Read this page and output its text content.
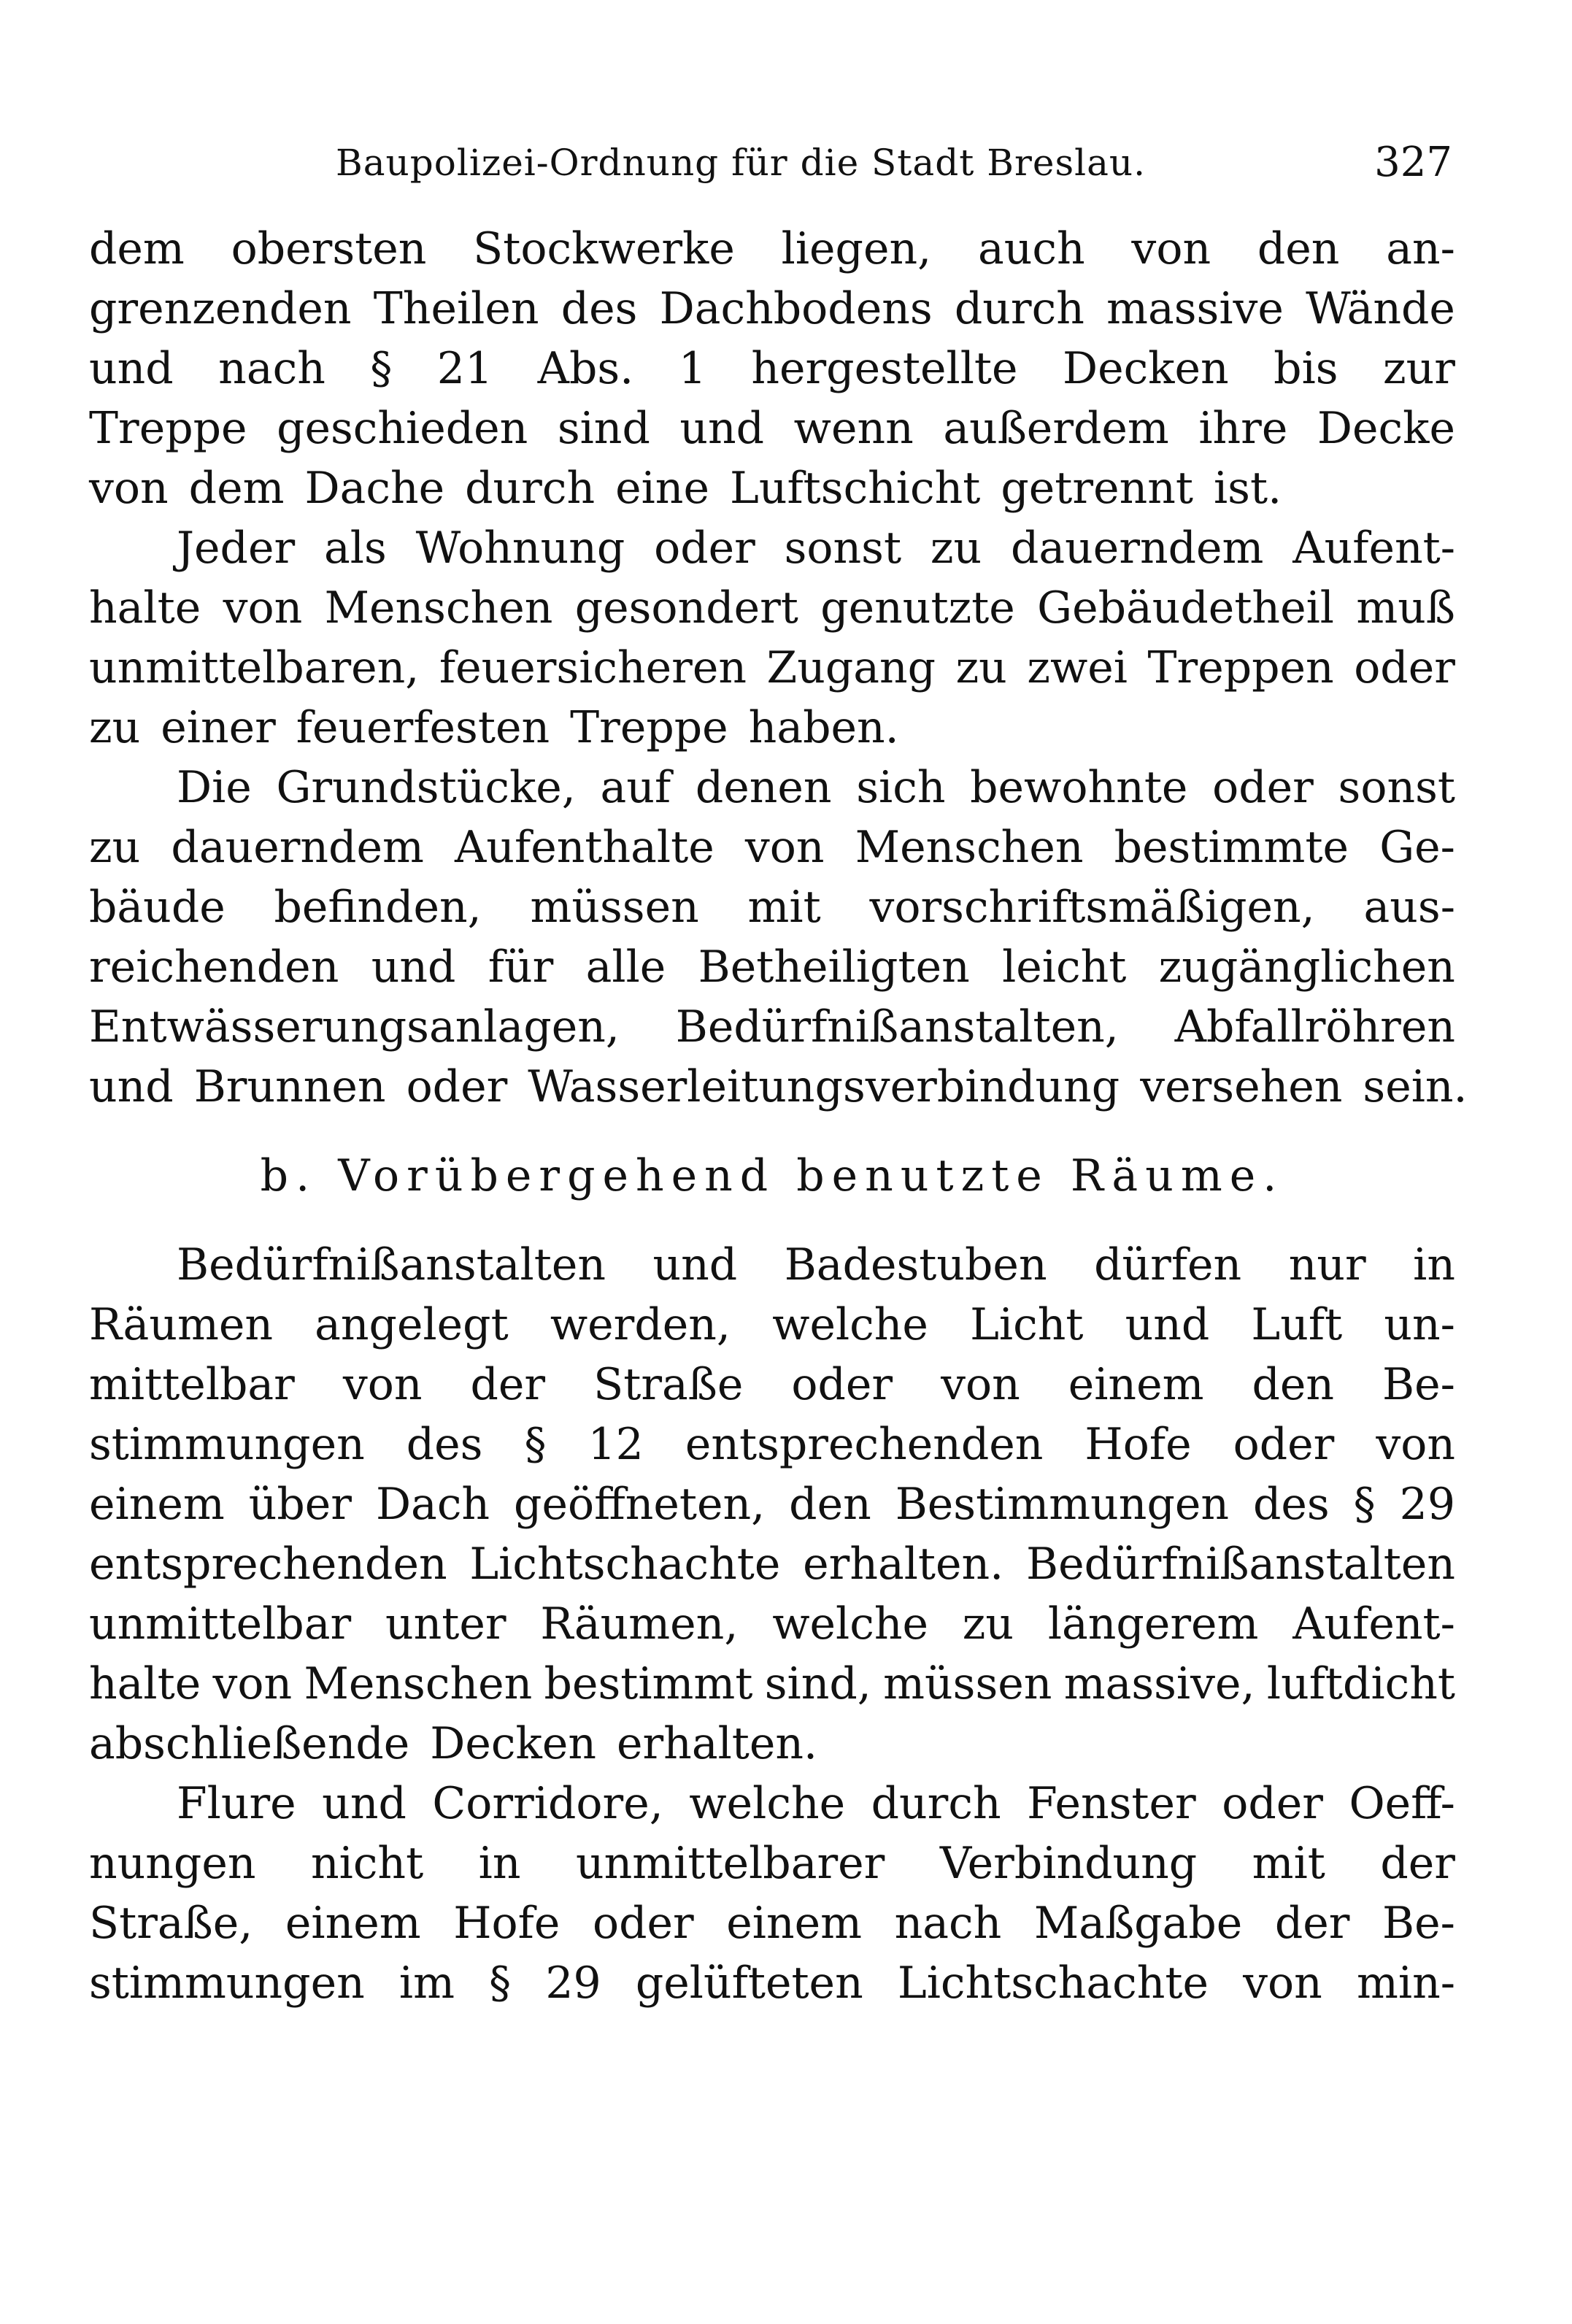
Baupolizei-Ordnung für die Stadt Breslau.	327
dem obersten Stockwerke liegen, auch von den an-
grenzenden Theilen des Dachbodens durch massive Wände
und nach § 21 Abs. 1 hergestellte Decken bis zur
Treppe geschieden sind und wenn außerdem ihre Decke
von dem Dache durch eine Luftschicht getrennt ist.
Jeder als Wohnung oder sonst zu dauerndem Aufent-
halte von Menschen gesondert genutzte Gebäudetheil muß
unmittelbaren, feuersicheren Zugang zu zwei Treppen oder
zu einer feuerfesten Treppe haben.
Die Grundstücke, auf denen sich bewohnte oder sonst
zu dauerndem Aufenthalte von Menschen bestimmte Ge-
bäude befinden, müssen mit vorschriftsmäßigen, aus-
reichenden und für alle Betheiligten leicht zugänglichen
Entwässerungsanlagen, Bedürfnißanstalten, Abfallröhren
und Brunnen oder Wasserleitungsverbindung versehen sein.
b. Vorübergehend benutzte Räume.
Bedürfnißanstalten und Badestuben dürfen nur in
Räumen angelegt werden, welche Licht und Luft un-
mittelbar von der Straße oder von einem den Be-
stimmungen des § 12 entsprechenden Hofe oder von
einem über Dach geöffneten, den Bestimmungen des § 29
entsprechenden Lichtschachte erhalten. Bedürfnißanstalten
unmittelbar unter Räumen, welche zu längerem Aufent-
halte von Menschen bestimmt sind, müssen massive, luftdicht
abschließende Decken erhalten.
Flure und Corridore, welche durch Fenster oder Oeff-
nungen nicht in unmittelbarer Verbindung mit der
Straße, einem Hofe oder einem nach Maßgabe der Be-
stimmungen im § 29 gelüfteten Lichtschachte von min-
